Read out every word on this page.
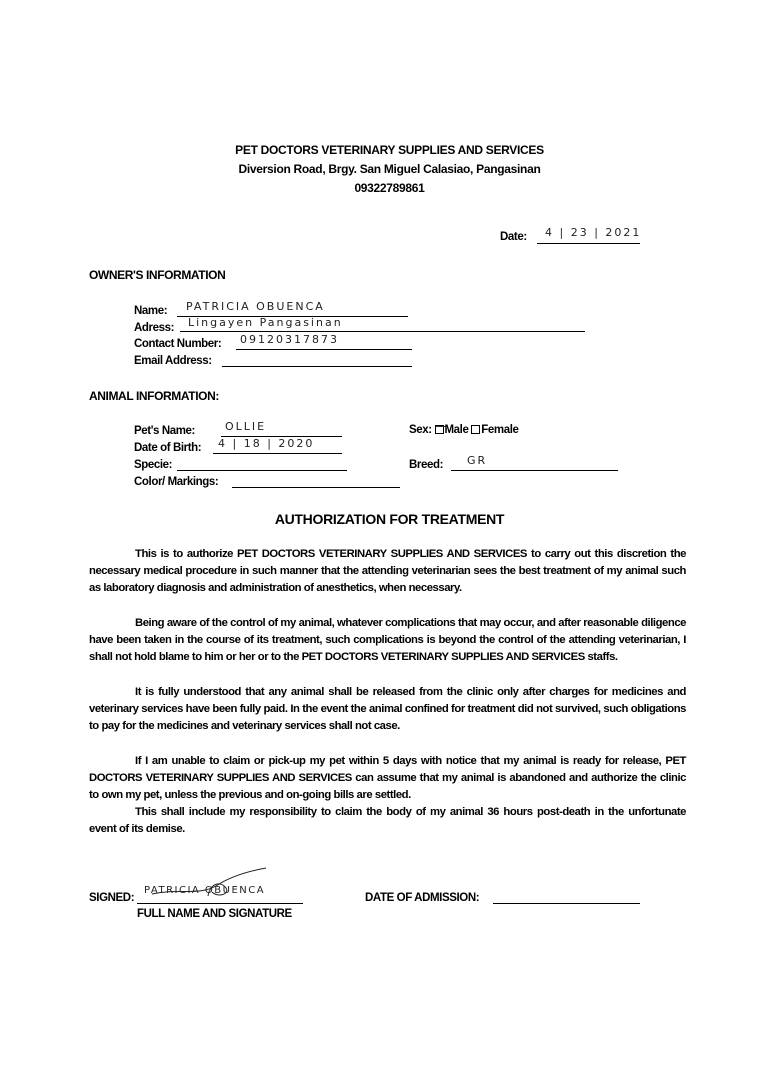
PET DOCTORS VETERINARY SUPPLIES AND SERVICES
Diversion Road, Brgy. San Miguel Calasiao, Pangasinan
09322789861
Date: 4 | 23 | 2021
OWNER'S INFORMATION
Name: PATRICIA OBUENCA
Adress: Lingayen Pangasinan
Contact Number: 09120317873
Email Address:
ANIMAL INFORMATION:
Pet's Name:	OLLIE
Date of Birth: 4 | 18 | 2020
Specie:
Color/ Markings:
Sex: Male
—	Female
Breed: GR
AUTHORIZATION FOR TREATMENT
This is to authorize PET DOCTORS VETERINARY SUPPLIES AND SERVICES to carry out this discretion the necessary medical procedure in such manner that the attending veterinarian sees the best treatment of my animal such as laboratory diagnosis and administration of anesthetics, when necessary.
Being aware of the control of my animal, whatever complications that may occur, and after reasonable diligence have been taken in the course of its treatment, such complications is beyond the control of the attending veterinarian, I shall not hold blame to him or her or to the PET DOCTORS VETERINARY SUPPLIES AND SERVICES staffs.
It is fully understood that any animal shall be released from the clinic only after charges for medicines and veterinary services have been fully paid. In the event the animal confined for treatment did not survived, such obligations to pay for the medicines and veterinary services shall not case.
If I am unable to claim or pick-up my pet within 5 days with notice that my animal is ready for release, PET DOCTORS VETERINARY SUPPLIES AND SERVICES can assume that my animal is abandoned and authorize the clinic to own my pet, unless the previous and on-going bills are settled.
This shall include my responsibility to claim the body of my animal 36 hours post-death in the unfortunate event of its demise.
SIGNED:
PATRICIA OBUENCA
FULL NAME AND SIGNATURE
DATE OF ADMISSION:
